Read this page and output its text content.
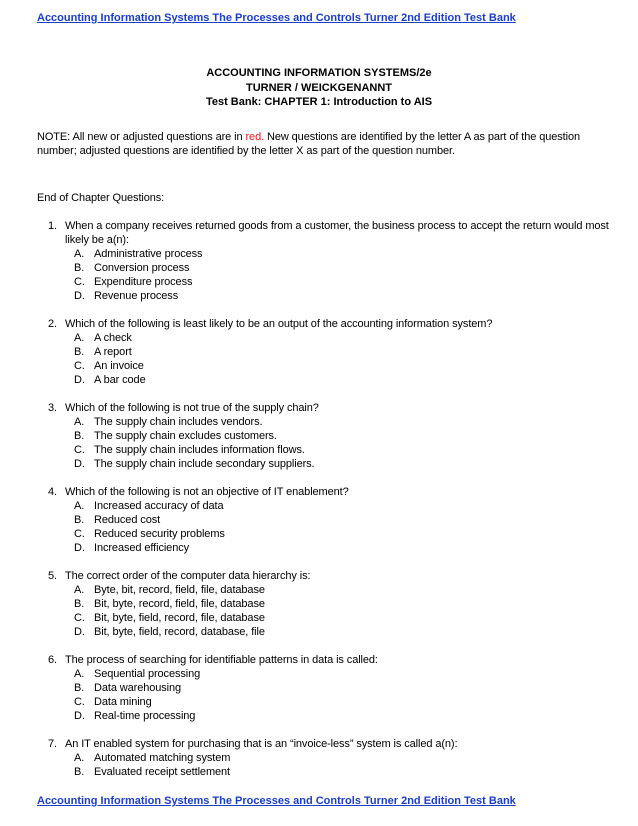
Accounting Information Systems The Processes and Controls Turner 2nd Edition Test Bank
ACCOUNTING INFORMATION SYSTEMS/2e
TURNER / WEICKGENANNT
Test Bank: CHAPTER 1: Introduction to AIS
NOTE: All new or adjusted questions are in red. New questions are identified by the letter A as part of the question number; adjusted questions are identified by the letter X as part of the question number.
End of Chapter Questions:
1. When a company receives returned goods from a customer, the business process to accept the return would most likely be a(n):
A. Administrative process
B. Conversion process
C. Expenditure process
D. Revenue process
2. Which of the following is least likely to be an output of the accounting information system?
A. A check
B. A report
C. An invoice
D. A bar code
3. Which of the following is not true of the supply chain?
A. The supply chain includes vendors.
B. The supply chain excludes customers.
C. The supply chain includes information flows.
D. The supply chain include secondary suppliers.
4. Which of the following is not an objective of IT enablement?
A. Increased accuracy of data
B. Reduced cost
C. Reduced security problems
D. Increased efficiency
5. The correct order of the computer data hierarchy is:
A. Byte, bit, record, field, file, database
B. Bit, byte, record, field, file, database
C. Bit, byte, field, record, file, database
D. Bit, byte, field, record, database, file
6. The process of searching for identifiable patterns in data is called:
A. Sequential processing
B. Data warehousing
C. Data mining
D. Real-time processing
7. An IT enabled system for purchasing that is an “invoice-less” system is called a(n):
A. Automated matching system
B. Evaluated receipt settlement
Accounting Information Systems The Processes and Controls Turner 2nd Edition Test Bank
